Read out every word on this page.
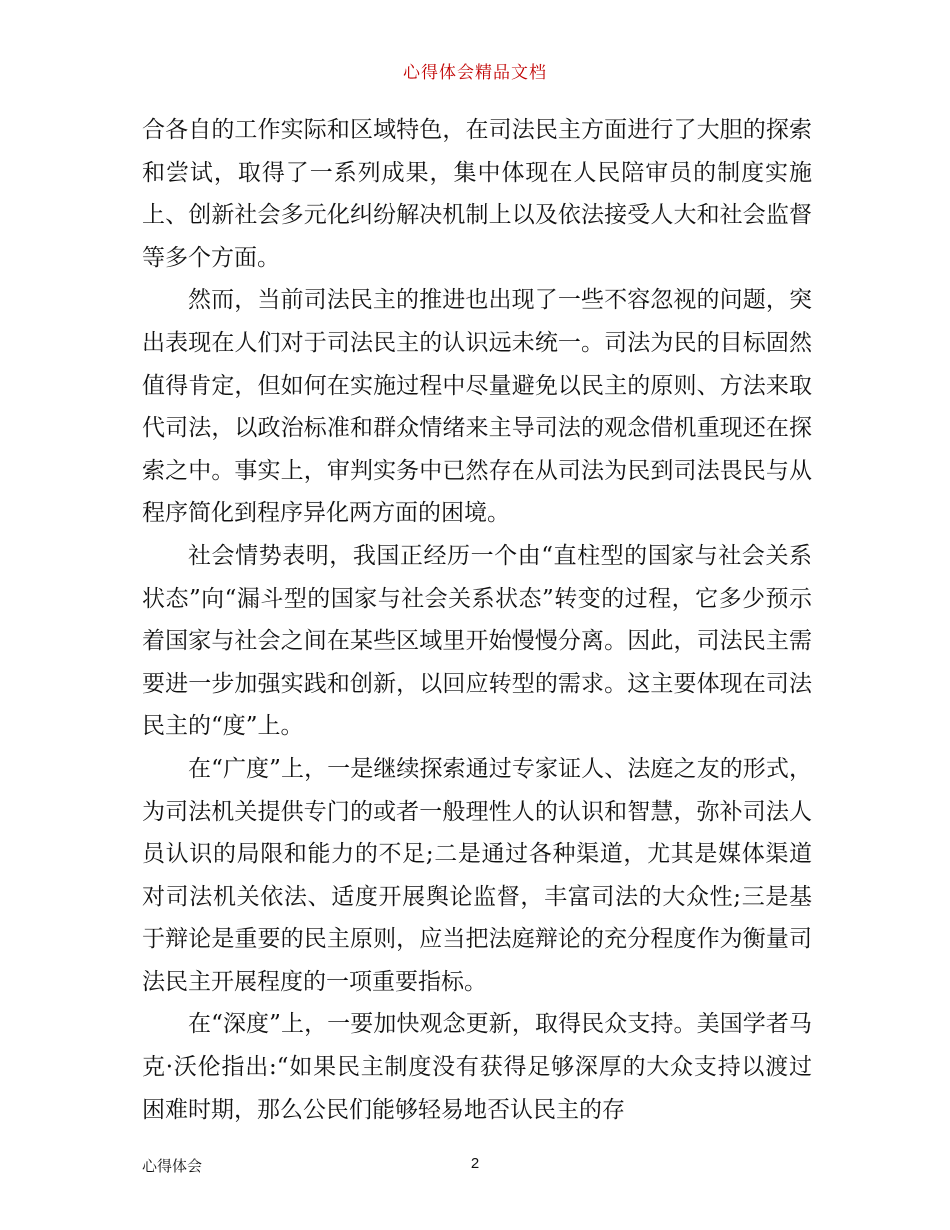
心得体会精品文档

合各自的工作实际和区域特色，在司法民主方面进行了大胆的探索和尝试，取得了一系列成果，集中体现在人民陪审员的制度实施上、创新社会多元化纠纷解决机制上以及依法接受人大和社会监督等多个方面。

然而，当前司法民主的推进也出现了一些不容忽视的问题，突出表现在人们对于司法民主的认识远未统一。司法为民的目标固然值得肯定，但如何在实施过程中尽量避免以民主的原则、方法来取代司法，以政治标准和群众情绪来主导司法的观念借机重现还在探索之中。事实上，审判实务中已然存在从司法为民到司法畏民与从程序简化到程序异化两方面的困境。

社会情势表明，我国正经历一个由“直柱型的国家与社会关系状态”向“漏斗型的国家与社会关系状态”转变的过程，它多少预示着国家与社会之间在某些区域里开始慢慢分离。因此，司法民主需要进一步加强实践和创新，以回应转型的需求。这主要体现在司法民主的“度”上。

在“广度”上，一是继续探索通过专家证人、法庭之友的形式，为司法机关提供专门的或者一般理性人的认识和智慧，弥补司法人员认识的局限和能力的不足;二是通过各种渠道，尤其是媒体渠道对司法机关依法、适度开展舆论监督，丰富司法的大众性;三是基于辩论是重要的民主原则，应当把法庭辩论的充分程度作为衡量司法民主开展程度的一项重要指标。

在“深度”上，一要加快观念更新，取得民众支持。美国学者马克·沃伦指出:“如果民主制度没有获得足够深厚的大众支持以渡过困难时期，那么公民们能够轻易地否认民主的存

心得体会	2
